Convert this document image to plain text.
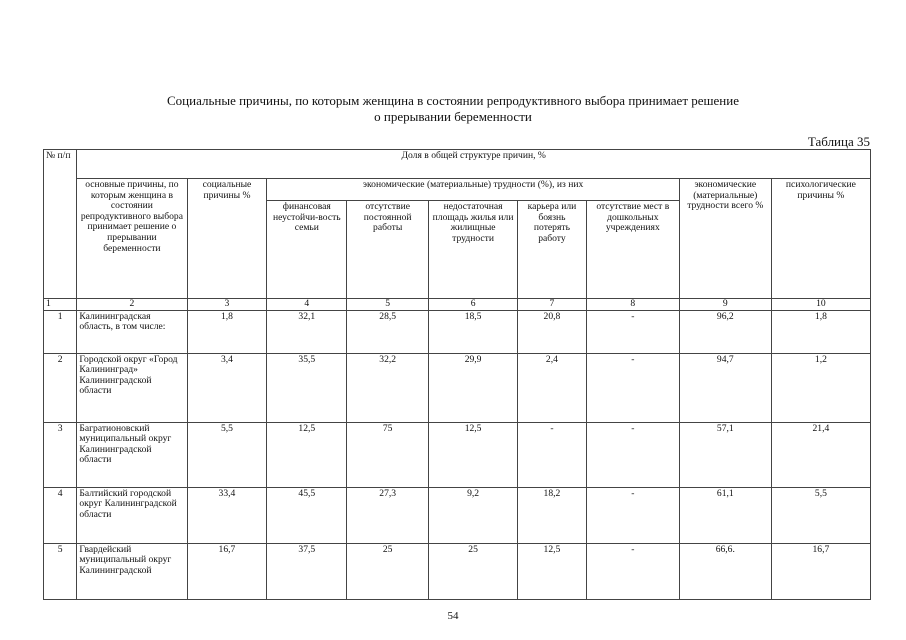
Социальные причины, по которым женщина в состоянии репродуктивного выбора принимает решение
о прерывании беременности
Таблица 35
№ п/п	Доля в общей структуре причин, %								
	основные причины, по которым женщина в состоянии репродуктивного выбора принимает решение о прерывании беременности	социальные причины %	экономические (материальные) трудности (%), из них					экономические (материальные) трудности всего %	психологические причины %
			финансовая неустойчи-вость семьи	отсутствие постоянной работы	недостаточная площадь жилья или жилищные трудности	карьера или боязнь потерять работу	отсутствие мест в дошкольных учреждениях		
1	2	3	4	5	6	7	8	9	10
1	Калининградская область, в том числе:	1,8	32,1	28,5	18,5	20,8	-	96,2	1,8
2	Городской округ «Город Калининград» Калининградской области	3,4	35,5	32,2	29,9	2,4	-	94,7	1,2
3	Багратионовский муниципальный округ Калининградской области	5,5	12,5	75	12,5	-	-	57,1	21,4
4	Балтийский городской округ Калининградской области	33,4	45,5	27,3	9,2	18,2	-	61,1	5,5
5	Гвардейский муниципальный округ Калининградской	16,7	37,5	25	25	12,5	-	66,6.	16,7
54
